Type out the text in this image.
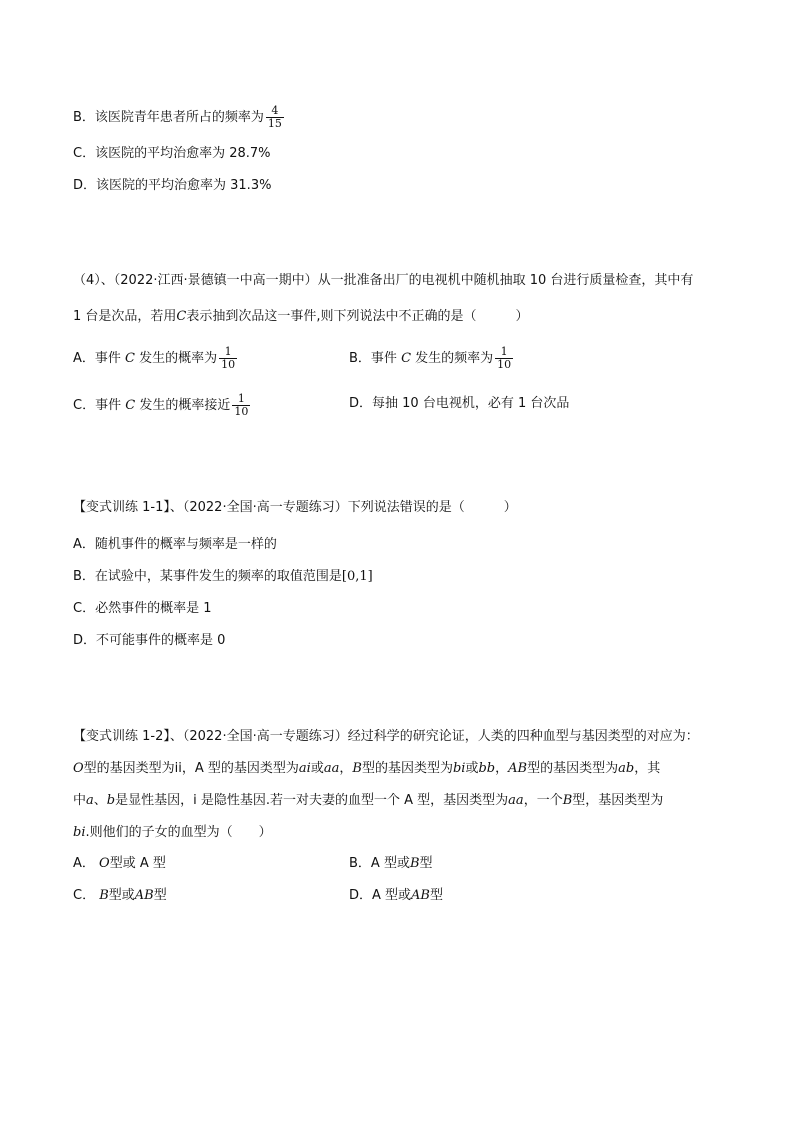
B．该医院青年患者所占的频率为 $\frac{4}{15}$
C．该医院的平均治愈率为 28.7%
D．该医院的平均治愈率为 31.3%
（4）、（2022·江西·景德镇一中高一期中）从一批准备出厂的电视机中随机抽取 10 台进行质量检查，其中有
1 台是次品，若用C表示抽到次品这一事件,则下列说法中不正确的是（　　　）
A．事件 C 发生的概率为 $\frac{1}{10}$	B．事件 C 发生的频率为 $\frac{1}{10}$
C．事件 C 发生的概率接近 $\frac{1}{10}$	D．每抽 10 台电视机，必有 1 台次品
【变式训练 1-1】、（2022·全国·高一专题练习）下列说法错误的是（　　　）
A．随机事件的概率与频率是一样的
B．在试验中，某事件发生的频率的取值范围是[0,1]
C．必然事件的概率是 1
D．不可能事件的概率是 0
【变式训练 1-2】、（2022·全国·高一专题练习）经过科学的研究论证，人类的四种血型与基因类型的对应为：
O型的基因类型为ii，A 型的基因类型为ai或aa，B型的基因类型为bi或bb，AB型的基因类型为ab，其
中a、b是显性基因，i 是隐性基因.若一对夫妻的血型一个 A 型，基因类型为aa，一个B型，基因类型为
bi.则他们的子女的血型为（　　）
A． O型或 A 型	B．A 型或B型
C． B型或AB型	D．A 型或AB型
